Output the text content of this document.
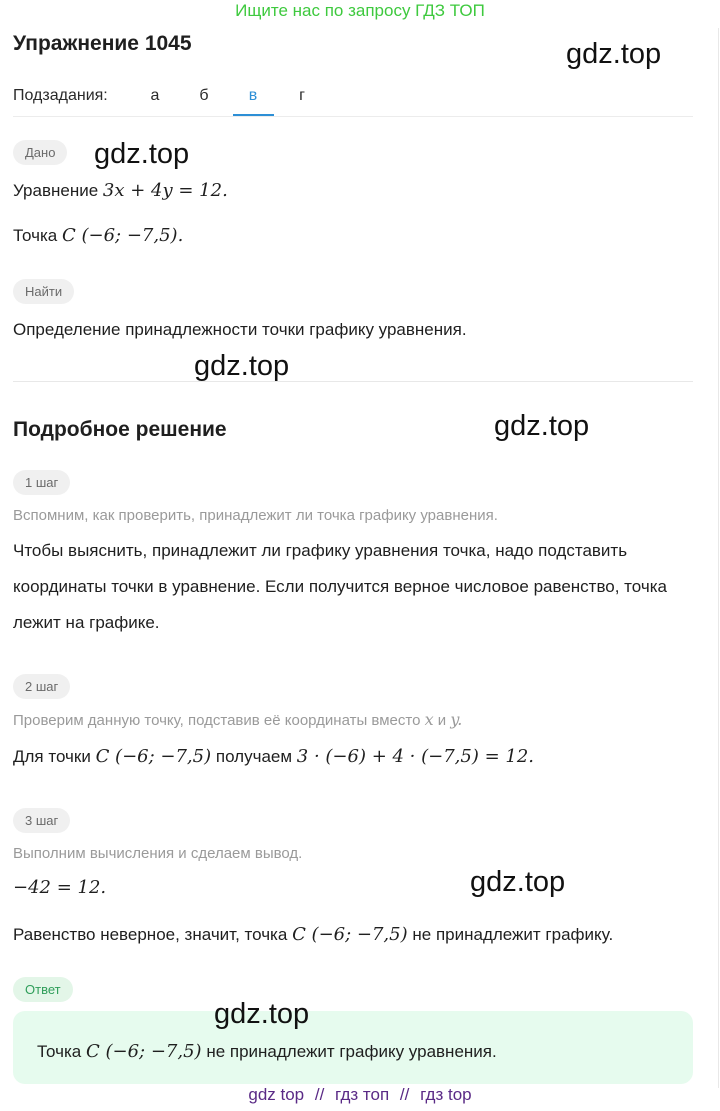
Ищите нас по запросу ГДЗ ТОП
Упражнение 1045
Подзадания:	а	б	в	г
Дано
Уравнение 3x + 4y = 12.
Точка C (−6; −7,5).
Найти
Определение принадлежности точки графику уравнения.
Подробное решение
1 шаг
Вспомним, как проверить, принадлежит ли точка графику уравнения.
Чтобы выяснить, принадлежит ли графику уравнения точка, надо подставить координаты точки в уравнение. Если получится верное числовое равенство, точка лежит на графике.
2 шаг
Проверим данную точку, подставив её координаты вместо x и y.
Для точки C (−6; −7,5) получаем 3 · (−6) + 4 · (−7,5) = 12.
3 шаг
Выполним вычисления и сделаем вывод.
−42 = 12.
Равенство неверное, значит, точка C (−6; −7,5) не принадлежит графику.
Ответ
Точка C (−6; −7,5) не принадлежит графику уравнения.
gdz.top
gdz.top
gdz.top
gdz.top
gdz.top
gdz.top
gdz top // гдз топ // гдз top
